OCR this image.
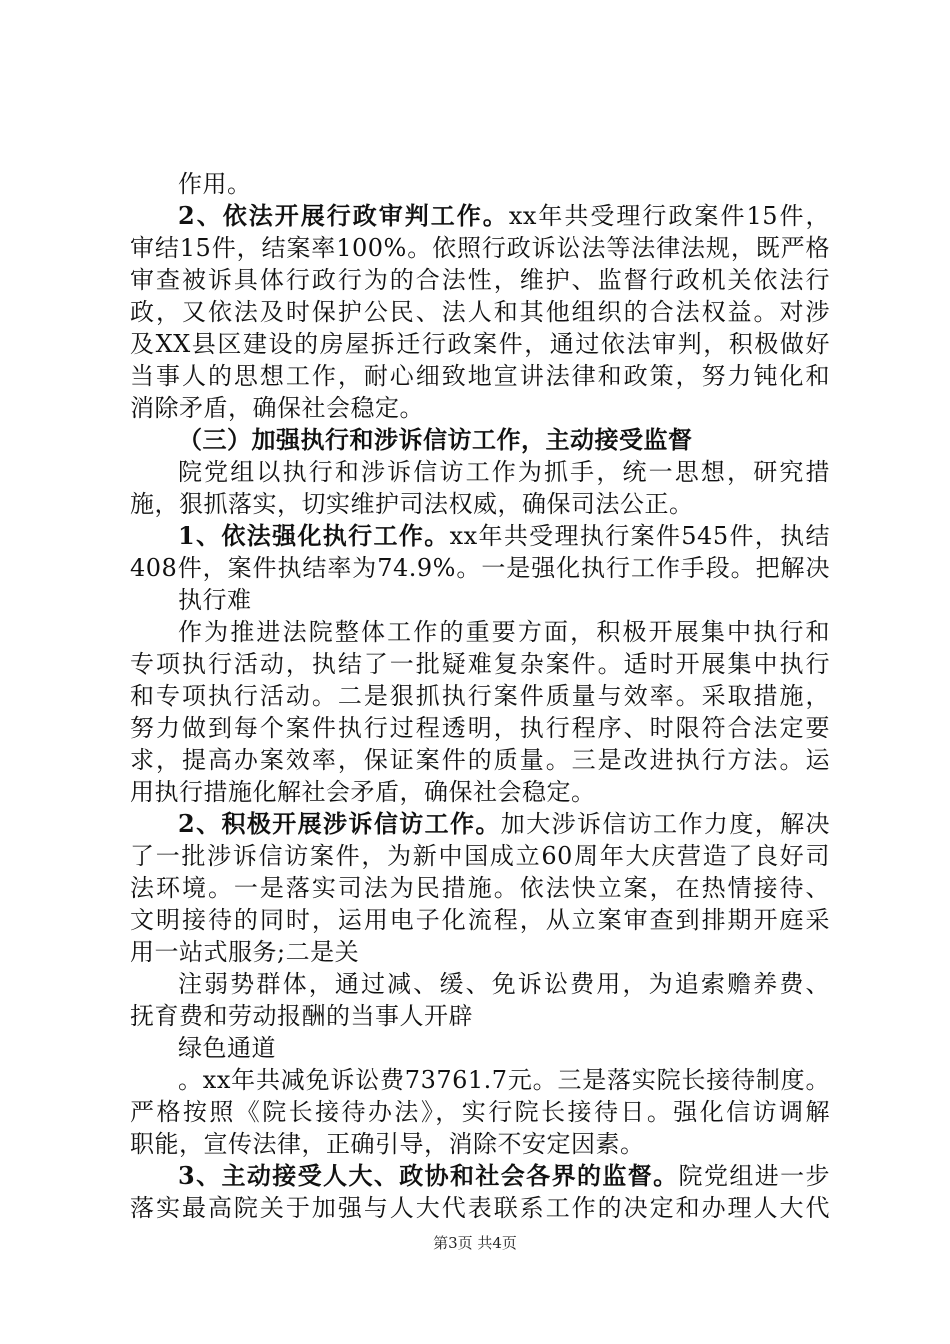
作用。
2、依法开展行政审判工作。xx年共受理行政案件15件，
审结15件，结案率100%。依照行政诉讼法等法律法规，既严格
审查被诉具体行政行为的合法性，维护、监督行政机关依法行
政，又依法及时保护公民、法人和其他组织的合法权益。对涉
及XX县区建设的房屋拆迁行政案件，通过依法审判，积极做好
当事人的思想工作，耐心细致地宣讲法律和政策，努力钝化和
消除矛盾，确保社会稳定。
（三）加强执行和涉诉信访工作，主动接受监督
院党组以执行和涉诉信访工作为抓手，统一思想，研究措
施，狠抓落实，切实维护司法权威，确保司法公正。
1、依法强化执行工作。xx年共受理执行案件545件，执结
408件，案件执结率为74.9%。一是强化执行工作手段。把解决
执行难
作为推进法院整体工作的重要方面，积极开展集中执行和
专项执行活动，执结了一批疑难复杂案件。适时开展集中执行
和专项执行活动。二是狠抓执行案件质量与效率。采取措施，
努力做到每个案件执行过程透明，执行程序、时限符合法定要
求，提高办案效率，保证案件的质量。三是改进执行方法。运
用执行措施化解社会矛盾，确保社会稳定。
2、积极开展涉诉信访工作。加大涉诉信访工作力度，解决
了一批涉诉信访案件，为新中国成立60周年大庆营造了良好司
法环境。一是落实司法为民措施。依法快立案，在热情接待、
文明接待的同时，运用电子化流程，从立案审查到排期开庭采
用一站式服务;二是关
注弱势群体，通过减、缓、免诉讼费用，为追索赡养费、
抚育费和劳动报酬的当事人开辟
绿色通道
。xx年共减免诉讼费73761.7元。三是落实院长接待制度。
严格按照《院长接待办法》，实行院长接待日。强化信访调解
职能，宣传法律，正确引导，消除不安定因素。
3、主动接受人大、政协和社会各界的监督。院党组进一步
落实最高院关于加强与人大代表联系工作的决定和办理人大代
第3页 共4页
